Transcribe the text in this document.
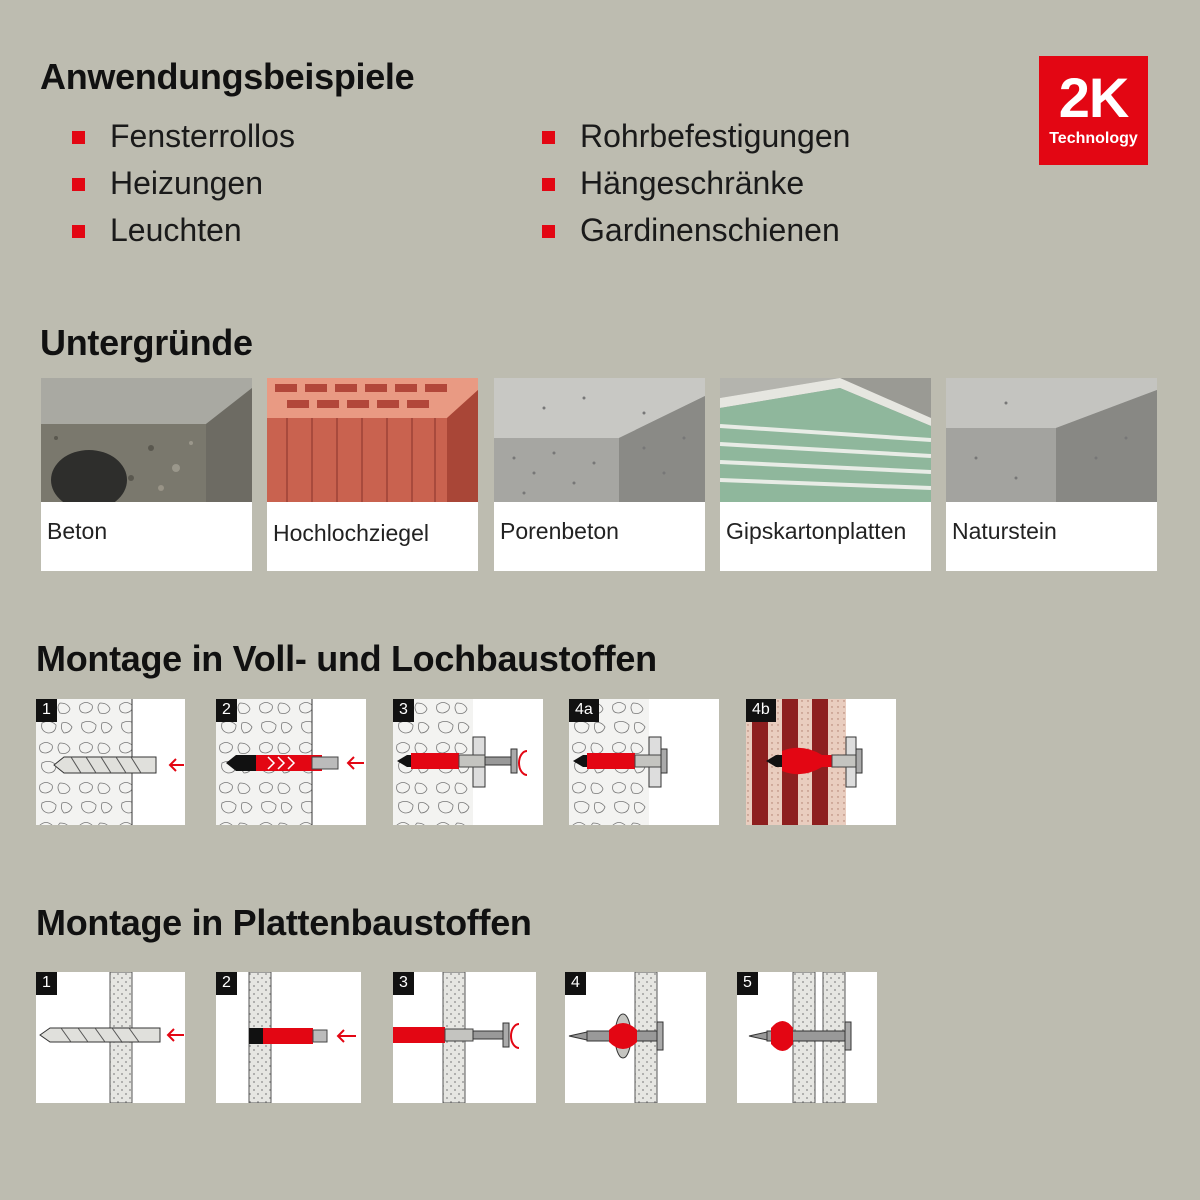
Anwendungsbeispiele
Fensterrollos
Heizungen
Leuchten
Rohrbefestigungen
Hängeschränke
Gardinenschienen
2K
Technology
Untergründe
Beton	Hochlochziegel	Porenbeton	Gipskartonplatten Naturstein
Montage in Voll- und Lochbaustoffen
1	2	3	4a	4b
Montage in Plattenbaustoffen
1	2	3	4	5
